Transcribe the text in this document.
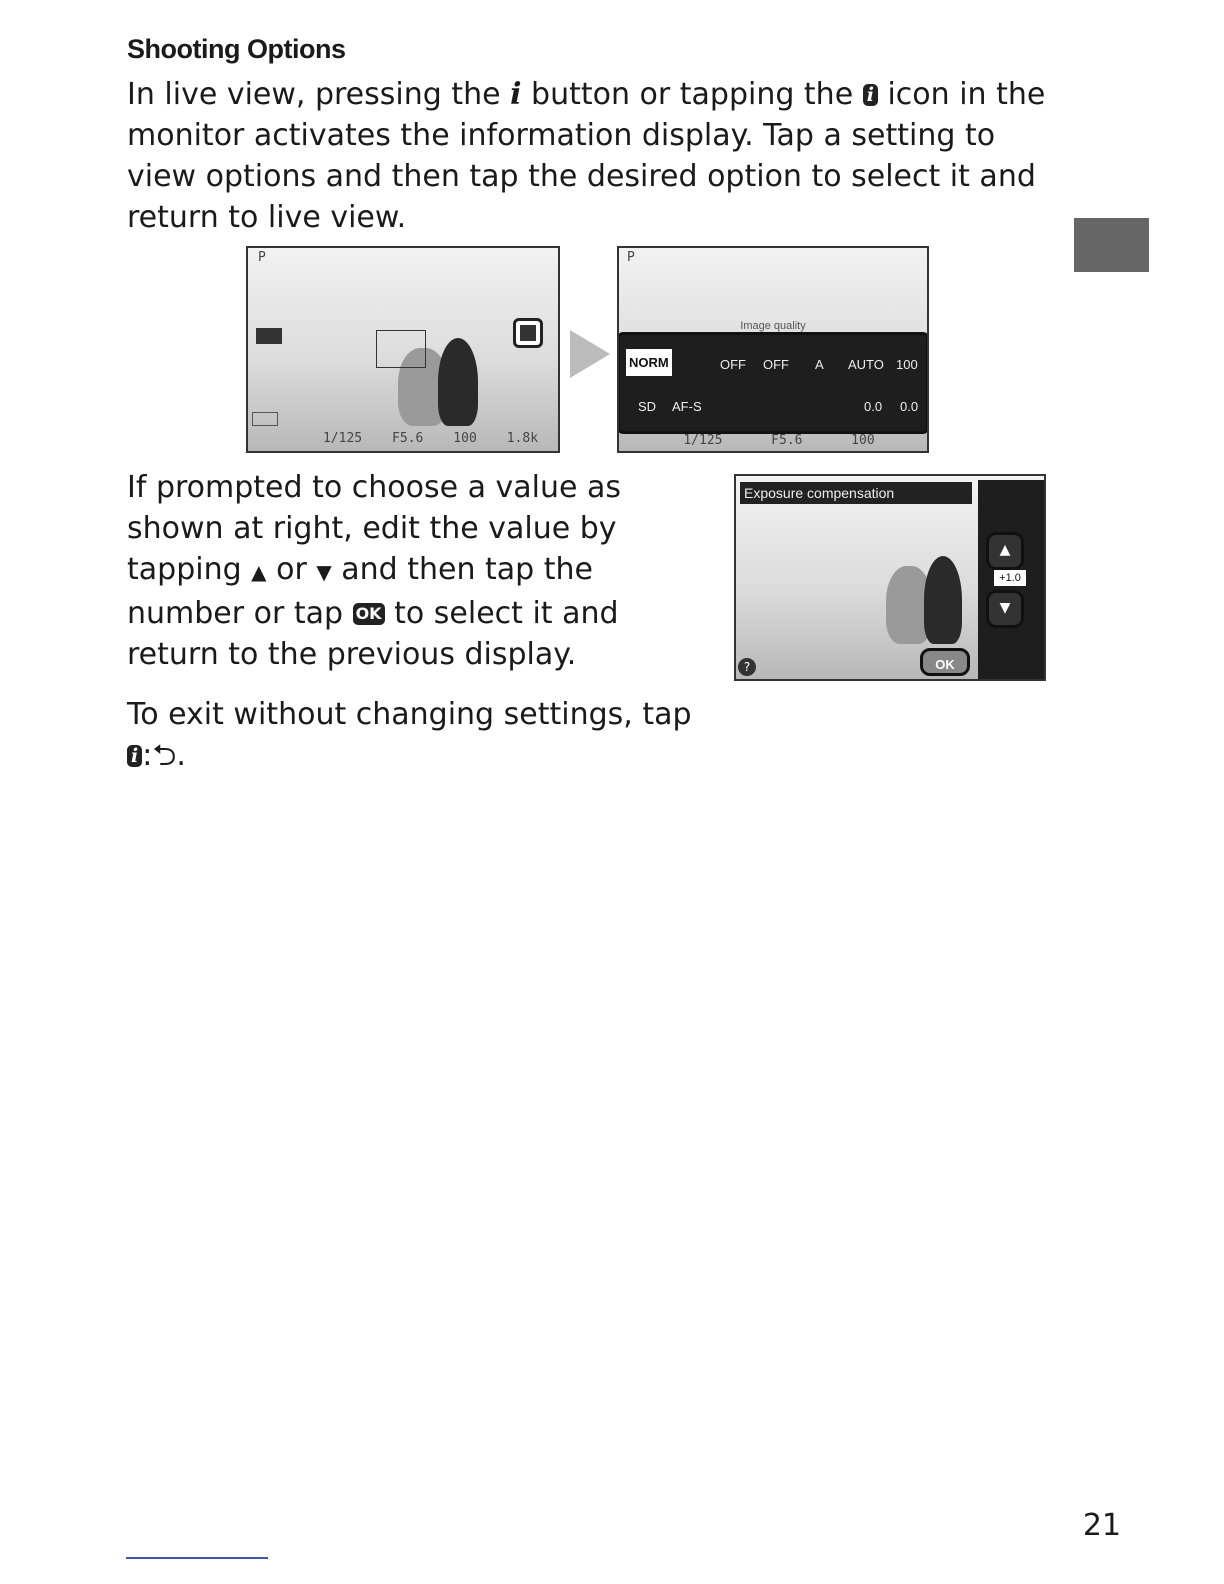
Shooting Options
In live view, pressing the i button or tapping the i icon in the monitor activates the information display. Tap a setting to view options and then tap the desired option to select it and return to live view.
P
1/125 F5.6 100 1.8k
P
Image quality
NORM	OFF OFF A AUTO 100
SD AF-S	0.0 0.0
1/125	F5.6	100
If prompted to choose a value as shown at right, edit the value by tapping ▲ or ▼ and then tap the number or tap OK to select it and return to the previous display.
Exposure compensation
▲
+1.0
▼
?	OK
To exit without changing settings, tap
i :⮌.
21
